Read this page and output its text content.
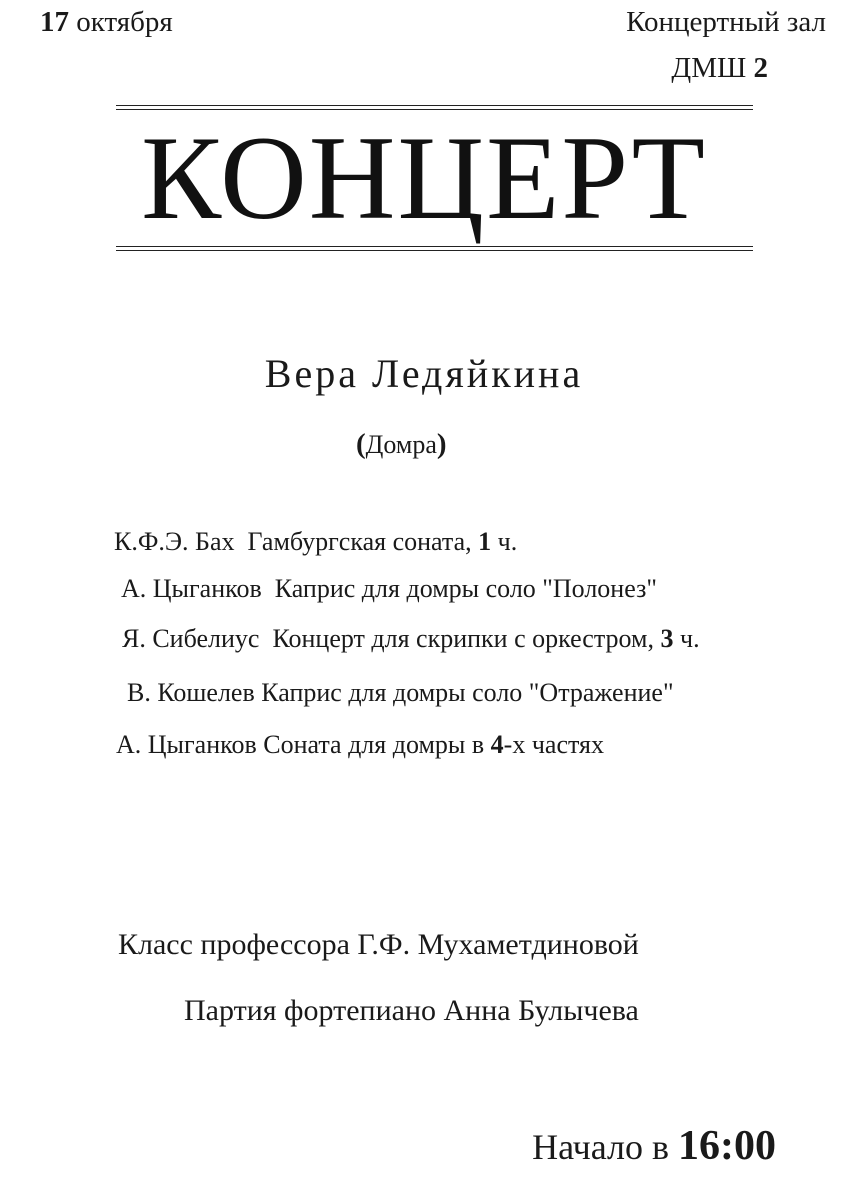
17 октября	Концертный зал
ДМШ 2
КОНЦЕРТ
Вера Ледяйкина
(Домра)
К.Ф.Э. Бах Гамбургская соната, 1 ч.
А. Цыганков Каприс для домры соло "Полонез"
Я. Сибелиус Концерт для скрипки с оркестром, 3 ч.
В. Кошелев Каприс для домры соло "Отражение"
А. Цыганков Соната для домры в 4-х частях
Класс профессора Г.Ф. Мухаметдиновой
Партия фортепиано Анна Булычева
Начало в 16:00
